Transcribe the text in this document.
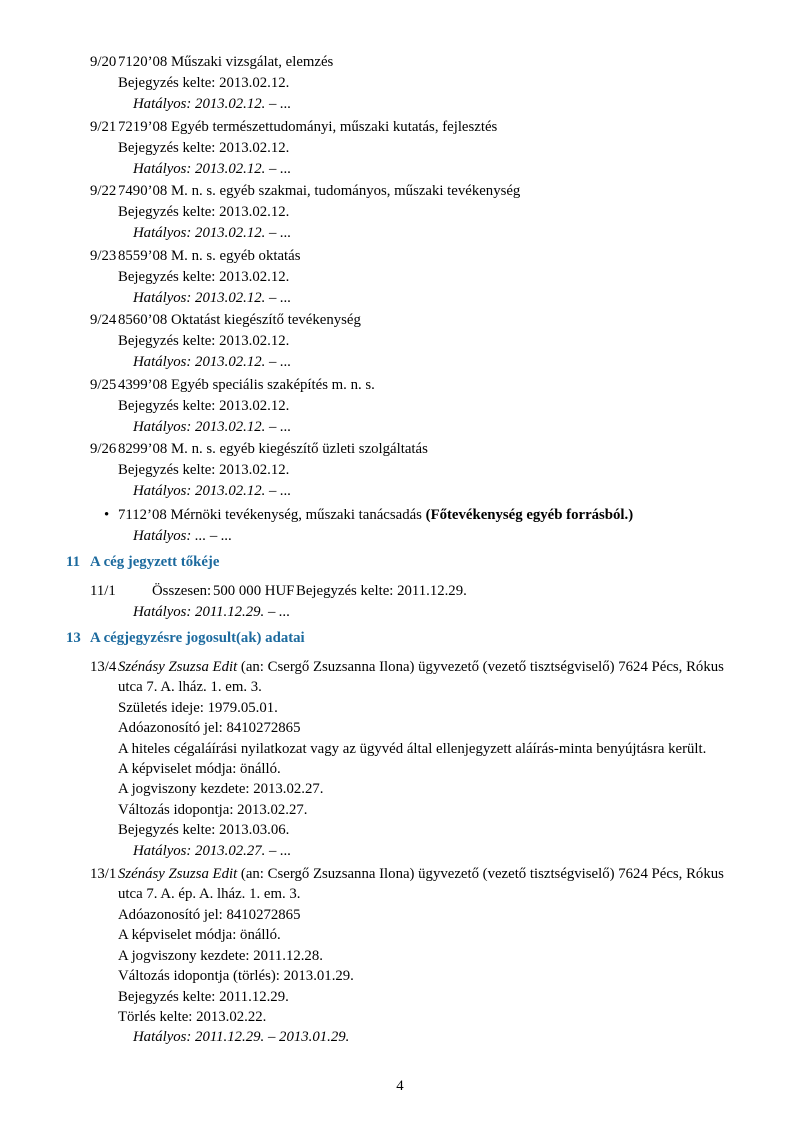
9/20 7120’08 Műszaki vizsgálat, elemzés
Bejegyzés kelte: 2013.02.12.
Hatályos: 2013.02.12. – ...
9/21 7219’08 Egyéb természettudományi, műszaki kutatás, fejlesztés
Bejegyzés kelte: 2013.02.12.
Hatályos: 2013.02.12. – ...
9/22 7490’08 M. n. s. egyéb szakmai, tudományos, műszaki tevékenység
Bejegyzés kelte: 2013.02.12.
Hatályos: 2013.02.12. – ...
9/23 8559’08 M. n. s. egyéb oktatás
Bejegyzés kelte: 2013.02.12.
Hatályos: 2013.02.12. – ...
9/24 8560’08 Oktatást kiegészítő tevékenység
Bejegyzés kelte: 2013.02.12.
Hatályos: 2013.02.12. – ...
9/25 4399’08 Egyéb speciális szaképítés m. n. s.
Bejegyzés kelte: 2013.02.12.
Hatályos: 2013.02.12. – ...
9/26 8299’08 M. n. s. egyéb kiegészítő üzleti szolgáltatás
Bejegyzés kelte: 2013.02.12.
Hatályos: 2013.02.12. – ...
• 7112’08 Mérnöki tevékenység, műszaki tanácsadás (Főtevékenység egyéb forrásból.)
Hatályos: ... – ...
11 A cég jegyzett tőkéje
11/1 Összesen: 500 000 HUF Bejegyzés kelte: 2011.12.29.
Hatályos: 2011.12.29. – ...
13 A cégjegyzésre jogosult(ak) adatai
13/4 Szénásy Zsuzsa Edit (an: Csergő Zsuzsanna Ilona) ügyvezető (vezető tisztségviselő) 7624 Pécs, Rókus utca 7. A. lház. 1. em. 3.
Születés ideje: 1979.05.01.
Adóazonosító jel: 8410272865
A hiteles cégaláírási nyilatkozat vagy az ügyvéd által ellenjegyzett aláírás-minta benyújtásra került.
A képviselet módja: önálló.
A jogviszony kezdete: 2013.02.27.
Változás idopontja: 2013.02.27.
Bejegyzés kelte: 2013.03.06.
Hatályos: 2013.02.27. – ...
13/1 Szénásy Zsuzsa Edit (an: Csergő Zsuzsanna Ilona) ügyvezető (vezető tisztségviselő) 7624 Pécs, Rókus utca 7. A. ép. A. lház. 1. em. 3.
Adóazonosító jel: 8410272865
A képviselet módja: önálló.
A jogviszony kezdete: 2011.12.28.
Változás idopontja (törlés): 2013.01.29.
Bejegyzés kelte: 2011.12.29.
Törlés kelte: 2013.02.22.
Hatályos: 2011.12.29. – 2013.01.29.
4
